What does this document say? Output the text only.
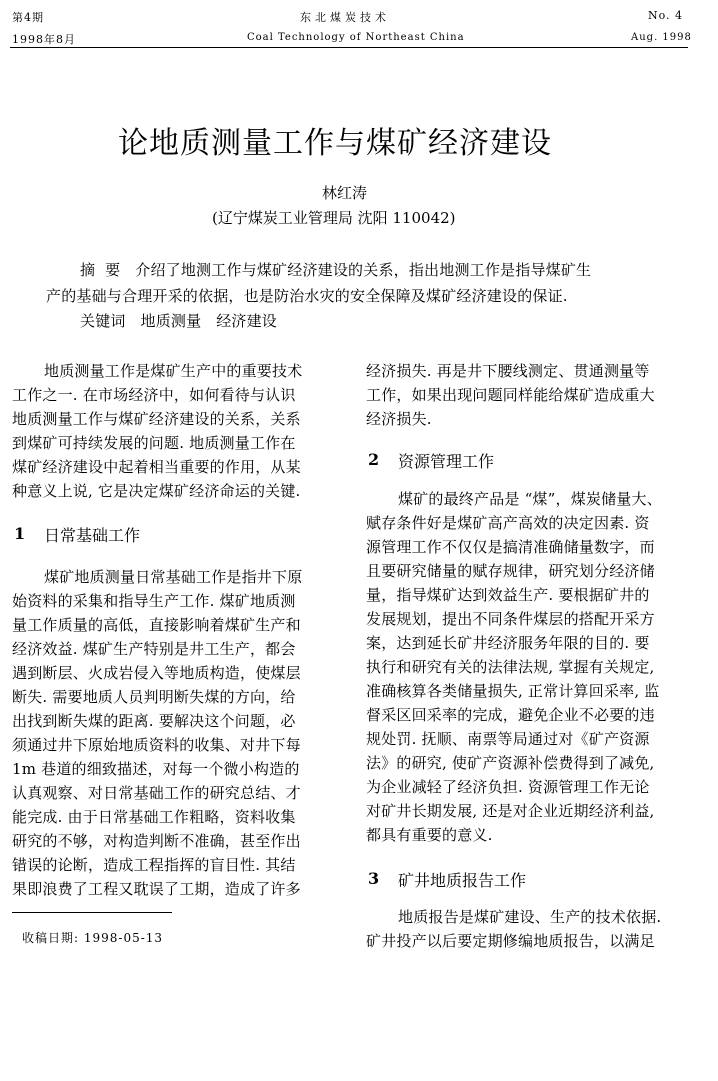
第4期	东北煤炭技术	No. 4
1998年8月	Coal Technology of Northeast China	Aug. 1998
论地质测量工作与煤矿经济建设
林红涛
(辽宁煤炭工业管理局 沈阳 110042)
摘  要   介绍了地测工作与煤矿经济建设的关系，指出地测工作是指导煤矿生
产的基础与合理开采的依据，也是防治水灾的安全保障及煤矿经济建设的保证.
关键词   地质测量   经济建设
地质测量工作是煤矿生产中的重要技术
工作之一. 在市场经济中，如何看待与认识
地质测量工作与煤矿经济建设的关系，关系
到煤矿可持续发展的问题. 地质测量工作在
煤矿经济建设中起着相当重要的作用，从某
种意义上说, 它是决定煤矿经济命运的关键.
1 日常基础工作
煤矿地质测量日常基础工作是指井下原
始资料的采集和指导生产工作. 煤矿地质测
量工作质量的高低，直接影响着煤矿生产和
经济效益. 煤矿生产特别是井工生产，都会
遇到断层、火成岩侵入等地质构造，使煤层
断失. 需要地质人员判明断失煤的方向，给
出找到断失煤的距离. 要解决这个问题，必
须通过井下原始地质资料的收集、对井下每
1m 巷道的细致描述，对每一个微小构造的
认真观察、对日常基础工作的研究总结、才
能完成. 由于日常基础工作粗略，资料收集
研究的不够，对构造判断不准确，甚至作出
错误的论断，造成工程指挥的盲目性. 其结
果即浪费了工程又耽误了工期，造成了许多
收稿日期: 1998-05-13
经济损失. 再是井下腰线测定、贯通测量等
工作，如果出现问题同样能给煤矿造成重大
经济损失.
2 资源管理工作
煤矿的最终产品是 “煤”，煤炭储量大、
赋存条件好是煤矿高产高效的决定因素. 资
源管理工作不仅仅是搞清准确储量数字，而
且要研究储量的赋存规律，研究划分经济储
量，指导煤矿达到效益生产. 要根据矿井的
发展规划，提出不同条件煤层的搭配开采方
案，达到延长矿井经济服务年限的目的. 要
执行和研究有关的法律法规, 掌握有关规定,
准确核算各类储量损失, 正常计算回采率, 监
督采区回采率的完成，避免企业不必要的违
规处罚. 抚顺、南票等局通过对《矿产资源
法》的研究, 使矿产资源补偿费得到了减免,
为企业减轻了经济负担. 资源管理工作无论
对矿井长期发展, 还是对企业近期经济利益,
都具有重要的意义.
3 矿井地质报告工作
地质报告是煤矿建设、生产的技术依据.
矿井投产以后要定期修编地质报告，以满足
